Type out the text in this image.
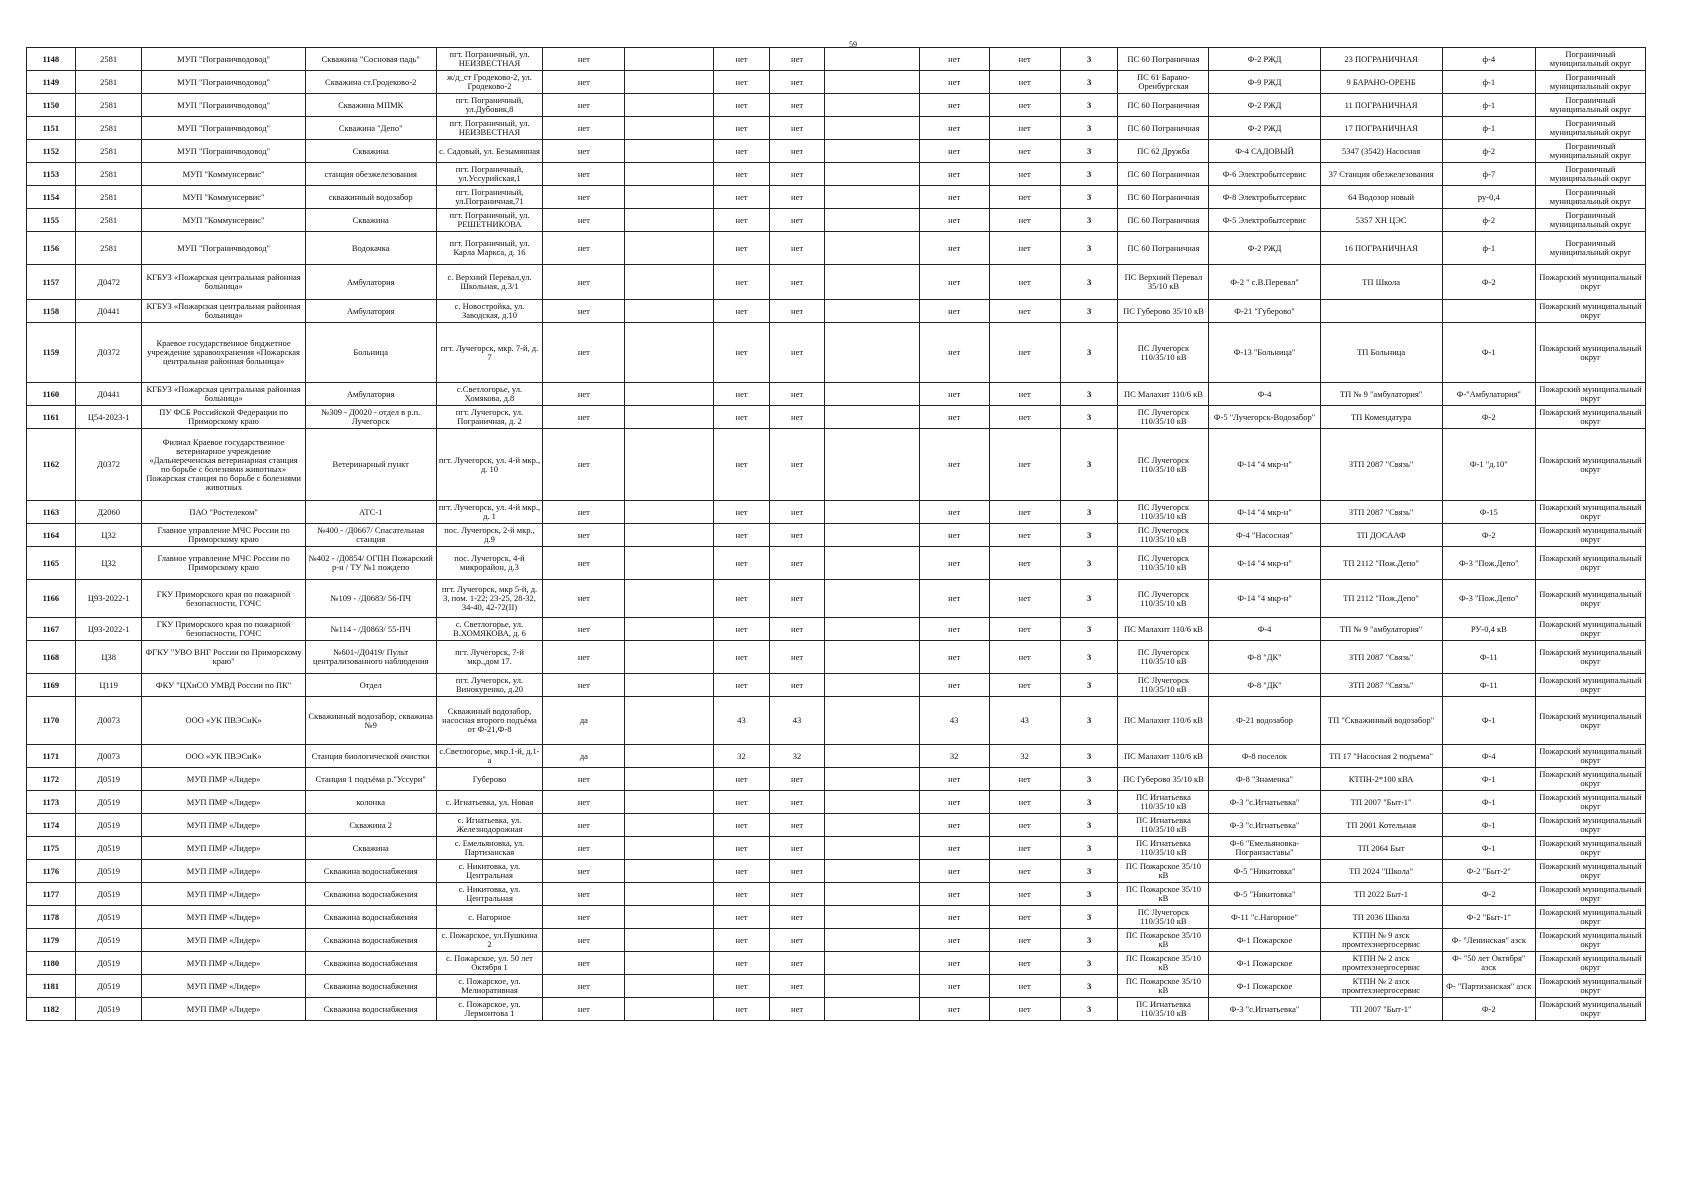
59
1148	2581	МУП "Пограничводовод"	Скважина "Сосновая падь"	пгт. Пограничный, ул. НЕИЗВЕСТНАЯ	нет		нет	нет		нет	нет	3	ПС 60 Пограничная	Ф-2 РЖД	23 ПОГРАНИЧНАЯ	ф-4	Пограничный муниципальный округ
1149	2581	МУП "Пограничводовод"	Скважина ст.Гродеково-2	ж/д_ст Гродеково-2, ул. Гродеково-2	нет		нет	нет		нет	нет	3	ПС 61 Барано-Оренбургская	Ф-9 РЖД	9 БАРАНО-ОРЕНБ	ф-1	Пограничный муниципальный округ
1150	2581	МУП "Пограничводовод"	Скважина МПМК	пгт. Пограничный, ул.Дубовик,8	нет		нет	нет		нет	нет	3	ПС 60 Пограничная	Ф-2 РЖД	11 ПОГРАНИЧНАЯ	ф-1	Пограничный муниципальный округ
1151	2581	МУП "Пограничводовод"	Скважина "Депо"	пгт. Пограничный, ул. НЕИЗВЕСТНАЯ	нет		нет	нет		нет	нет	3	ПС 60 Пограничная	Ф-2 РЖД	17 ПОГРАНИЧНАЯ	ф-1	Пограничный муниципальный округ
1152	2581	МУП "Пограничводовод"	Скважина	с. Садовый, ул. Безымянная	нет		нет	нет		нет	нет	3	ПС 62 Дружба	Ф-4 САДОВЫЙ	5347 (3542) Насосная	ф-2	Пограничный муниципальный округ
1153	2581	МУП "Коммунсервис"	станция обезжелезования	пгт. Пограничный, ул.Уссурийская,1	нет		нет	нет		нет	нет	3	ПС 60 Пограничная	Ф-6 Электробытсервис	37 Станция обезжелезования	ф-7	Пограничный муниципальный округ
1154	2581	МУП "Коммунсервис"	скважинный водозабор	пгт. Пограничный, ул.Пограничная,71	нет		нет	нет		нет	нет	3	ПС 60 Пограничная	Ф-8 Электробытсервис	64 Водозор новый	ру-0,4	Пограничный муниципальный округ
1155	2581	МУП "Коммунсервис"	Скважина	пгт. Пограничный, ул. РЕШЕТНИКОВА	нет		нет	нет		нет	нет	3	ПС 60 Пограничная	Ф-5 Электробытсервис	5357 ХН ЦЭС	ф-2	Пограничный муниципальный округ
1156	2581	МУП "Пограничводовод"	Водокачка	пгт. Пограничный, ул. Карла Маркса, д. 16	нет		нет	нет		нет	нет	3	ПС 60 Пограничная	Ф-2 РЖД	16 ПОГРАНИЧНАЯ	ф-1	Пограничный муниципальный округ
1157	Д0472	КГБУЗ «Пожарская центральная районная больница»	Амбулатория	с. Верхний Перевал,ул. Школьная, д.3/1	нет		нет	нет		нет	нет	3	ПС Верхний Перевал 35/10 кВ	Ф-2 " с.В.Перевал"	ТП Школа	Ф-2	Пожарский муниципальный округ
1158	Д0441	КГБУЗ «Пожарская центральная районная больница»	Амбулатория	с. Новостройка, ул. Заводская, д.10	нет		нет	нет		нет	нет	3	ПС Губерово 35/10 кВ	Ф-21 "Губерово"			Пожарский муниципальный округ
1159	Д0372	Краевое государственное бюджетное учреждение здравоохранения «Пожарская центральная районная больница»	Больница	пгт. Лучегорск, мкр. 7-й, д. 7	нет		нет	нет		нет	нет	3	ПС Лучегорск 110/35/10 кВ	Ф-13 "Больница"	ТП Больница	Ф-1	Пожарский муниципальный округ
1160	Д0441	КГБУЗ «Пожарская центральная районная больница»	Амбулатория	с.Светлогорье, ул. Хомякова, д.8	нет		нет	нет		нет	нет	3	ПС Малахит 110/6 кВ	Ф-4	ТП № 9 "амбулатория"	Ф-"Амбулатория"	Пожарский муниципальный округ
1161	Ц54-2023-1	ПУ ФСБ Российской Федерации по Приморскому краю	№309 - Д0020 - отдел в р.п. Лучегорск	пгт. Лучегорск, ул. Пограничная, д. 2	нет		нет	нет		нет	нет	3	ПС Лучегорск 110/35/10 кВ	Ф-5 "Лучегорск-Водозабор"	ТП Комендатура	Ф-2	Пожарский муниципальный округ
1162	Д0372	Филиал Краевое государственное ветеринарное учреждение «Дальнереченская ветеринарная станция по борьбе с болезнями животных» Пожарская станция по борьбе с болезнями животных	Ветеринарный пункт	пгт. Лучегорск, ул. 4-й мкр., д. 10	нет		нет	нет		нет	нет	3	ПС Лучегорск 110/35/10 кВ	Ф-14 "4 мкр-н"	ЗТП 2087 "Связь"	Ф-1 "д.10"	Пожарский муниципальный округ
1163	Д2060	ПАО "Ростелеком"	АТС-1	пгт. Лучегорск, ул. 4-й мкр., д. 1	нет		нет	нет		нет	нет	3	ПС Лучегорск 110/35/10 кВ	Ф-14 "4 мкр-н"	ЗТП 2087 "Связь"	Ф-15	Пожарский муниципальный округ
1164	Ц32	Главное управление МЧС России по Приморскому краю	№400 - /Д0667/ Спасательная станция	пос. Лучегорск, 2-й мкр., д.9	нет		нет	нет		нет	нет	3	ПС Лучегорск 110/35/10 кВ	Ф-4 "Насосная"	ТП ДОСААФ	Ф-2	Пожарский муниципальный округ
1165	Ц32	Главное управление МЧС России по Приморскому краю	№402 - /Д0854/ ОГПН Пожарский р-н / ТУ №1 пождепо	пос. Лучегорск, 4-й микрорайон, д.3	нет		нет	нет		нет	нет	3	ПС Лучегорск 110/35/10 кВ	Ф-14 "4 мкр-н"	ТП 2112 "Пож.Депо"	Ф-3 "Пож.Депо"	Пожарский муниципальный округ
1166	Ц93-2022-1	ГКУ Приморского края по пожарной безопасности, ГОЧС	№109 - /Д0683/ 56-ПЧ	пгт. Лучегорск, мкр 5-й, д. 3, пом. 1-22; 23-25, 28-32, 34-40, 42-72(II)	нет		нет	нет		нет	нет	3	ПС Лучегорск 110/35/10 кВ	Ф-14 "4 мкр-н"	ТП 2112 "Пож.Депо"	Ф-3 "Пож.Депо"	Пожарский муниципальный округ
1167	Ц93-2022-1	ГКУ Приморского края по пожарной безопасности, ГОЧС	№114 - /Д0863/ 55-ПЧ	с. Светлогорье, ул. В.ХОМЯКОВА, д. 6	нет		нет	нет		нет	нет	3	ПС Малахит 110/6 кВ	Ф-4	ТП № 9 "амбулатория"	РУ-0,4 кВ	Пожарский муниципальный округ
1168	Ц38	ФГКУ "УВО ВНГ России по Приморскому краю"	№601-/Д0419/ Пульт централизованного наблюдения	пгт. Лучегорск, 7-й мкр.,дом 17.	нет		нет	нет		нет	нет	3	ПС Лучегорск 110/35/10 кВ	Ф-8 "ДК"	ЗТП 2087 "Связь"	Ф-11	Пожарский муниципальный округ
1169	Ц119	ФКУ "ЦХиСО УМВД России по ПК"	Отдел	пгт. Лучегорск, ул. Винокуренко, д.20	нет		нет	нет		нет	нет	3	ПС Лучегорск 110/35/10 кВ	Ф-8 "ДК"	ЗТП 2087 "Связь"	Ф-11	Пожарский муниципальный округ
1170	Д0073	ООО «УК ПВЭСиК»	Скважинный водозабор, скважина №9	Скважиный водозабор, насосная второго подъёма от Ф-21,Ф-8	да		43	43		43	43	3	ПС Малахит 110/6 кВ	Ф-21 водозабор	ТП "Скважинный водозабор"	Ф-1	Пожарский муниципальный округ
1171	Д0073	ООО «УК ПВЭСиК»	Станция биологической очистки	с.Светлогорье, мкр.1-й, д.1-а	да		32	32		32	32	3	ПС Малахит 110/6 кВ	Ф-8 поселок	ТП 17 "Насосная 2 подъема"	Ф-4	Пожарский муниципальный округ
1172	Д0519	МУП ПМР «Лидер»	Станция 1 подъёма р."Уссури"	Губерово	нет		нет	нет		нет	нет	3	ПС Губерово 35/10 кВ	Ф-8 "Знаменка"	КТПН-2*100 кВА	Ф-1	Пожарский муниципальный округ
1173	Д0519	МУП ПМР «Лидер»	колонка	с. Игнатьевка, ул. Новая	нет		нет	нет		нет	нет	3	ПС Игнатьевка 110/35/10 кВ	Ф-3 "с.Игнатьевка"	ТП 2007 "Быт-1"	Ф-1	Пожарский муниципальный округ
1174	Д0519	МУП ПМР «Лидер»	Скважина 2	с. Игнатьевка, ул. Железнодорожная	нет		нет	нет		нет	нет	3	ПС Игнатьевка 110/35/10 кВ	Ф-3 "с.Игнатьевка"	ТП 2001 Котельная	Ф-1	Пожарский муниципальный округ
1175	Д0519	МУП ПМР «Лидер»	Скважина	с. Емельяновка, ул. Партизанская	нет		нет	нет		нет	нет	3	ПС Игнатьевка 110/35/10 кВ	Ф-6 "Емельяновка-Погранзаставы"	ТП 2064 Быт	Ф-1	Пожарский муниципальный округ
1176	Д0519	МУП ПМР «Лидер»	Скважина водоснабжения	с. Никитовка, ул. Центральная	нет		нет	нет		нет	нет	3	ПС Пожарское 35/10 кВ	Ф-5 "Никитовка"	ТП 2024 "Школа"	Ф-2 "Быт-2"	Пожарский муниципальный округ
1177	Д0519	МУП ПМР «Лидер»	Скважина водоснабжения	с. Никитовка, ул. Центральная	нет		нет	нет		нет	нет	3	ПС Пожарское 35/10 кВ	Ф-5 "Никитовка"	ТП 2022 Быт-1	Ф-2	Пожарский муниципальный округ
1178	Д0519	МУП ПМР «Лидер»	Скважина водоснабжения	с. Нагорное	нет		нет	нет		нет	нет	3	ПС Лучегорск 110/35/10 кВ	Ф-11 "с.Нагорное"	ТП 2036 Школа	Ф-2 "Быт-1"	Пожарский муниципальный округ
1179	Д0519	МУП ПМР «Лидер»	Скважина водоснабжения	с. Пожарское, ул.Пушкина 2	нет		нет	нет		нет	нет	3	ПС Пожарское 35/10 кВ	Ф-1 Пожарское	КТПН № 9 азск промтехэнергосервис	Ф- "Ленинская" азск	Пожарский муниципальный округ
1180	Д0519	МУП ПМР «Лидер»	Скважина водоснабжения	с. Пожарское, ул. 50 лет Октября 1	нет		нет	нет		нет	нет	3	ПС Пожарское 35/10 кВ	Ф-1 Пожарское	КТПН № 2 азск промтехэнергосервис	Ф- "50 лет Октября" азск	Пожарский муниципальный округ
1181	Д0519	МУП ПМР «Лидер»	Скважина водоснабжения	с. Пожарское, ул. Мелиоративная	нет		нет	нет		нет	нет	3	ПС Пожарское 35/10 кВ	Ф-1 Пожарское	КТПН № 2 азск промтехэнергосервис	Ф- "Партизанская" азск	Пожарский муниципальный округ
1182	Д0519	МУП ПМР «Лидер»	Скважина водоснабжения	с. Пожарское, ул. Лермонтова 1	нет		нет	нет		нет	нет	3	ПС Игнатьевка 110/35/10 кВ	Ф-3 "с.Игнатьевка"	ТП 2007 "Быт-1"	Ф-2	Пожарский муниципальный округ
